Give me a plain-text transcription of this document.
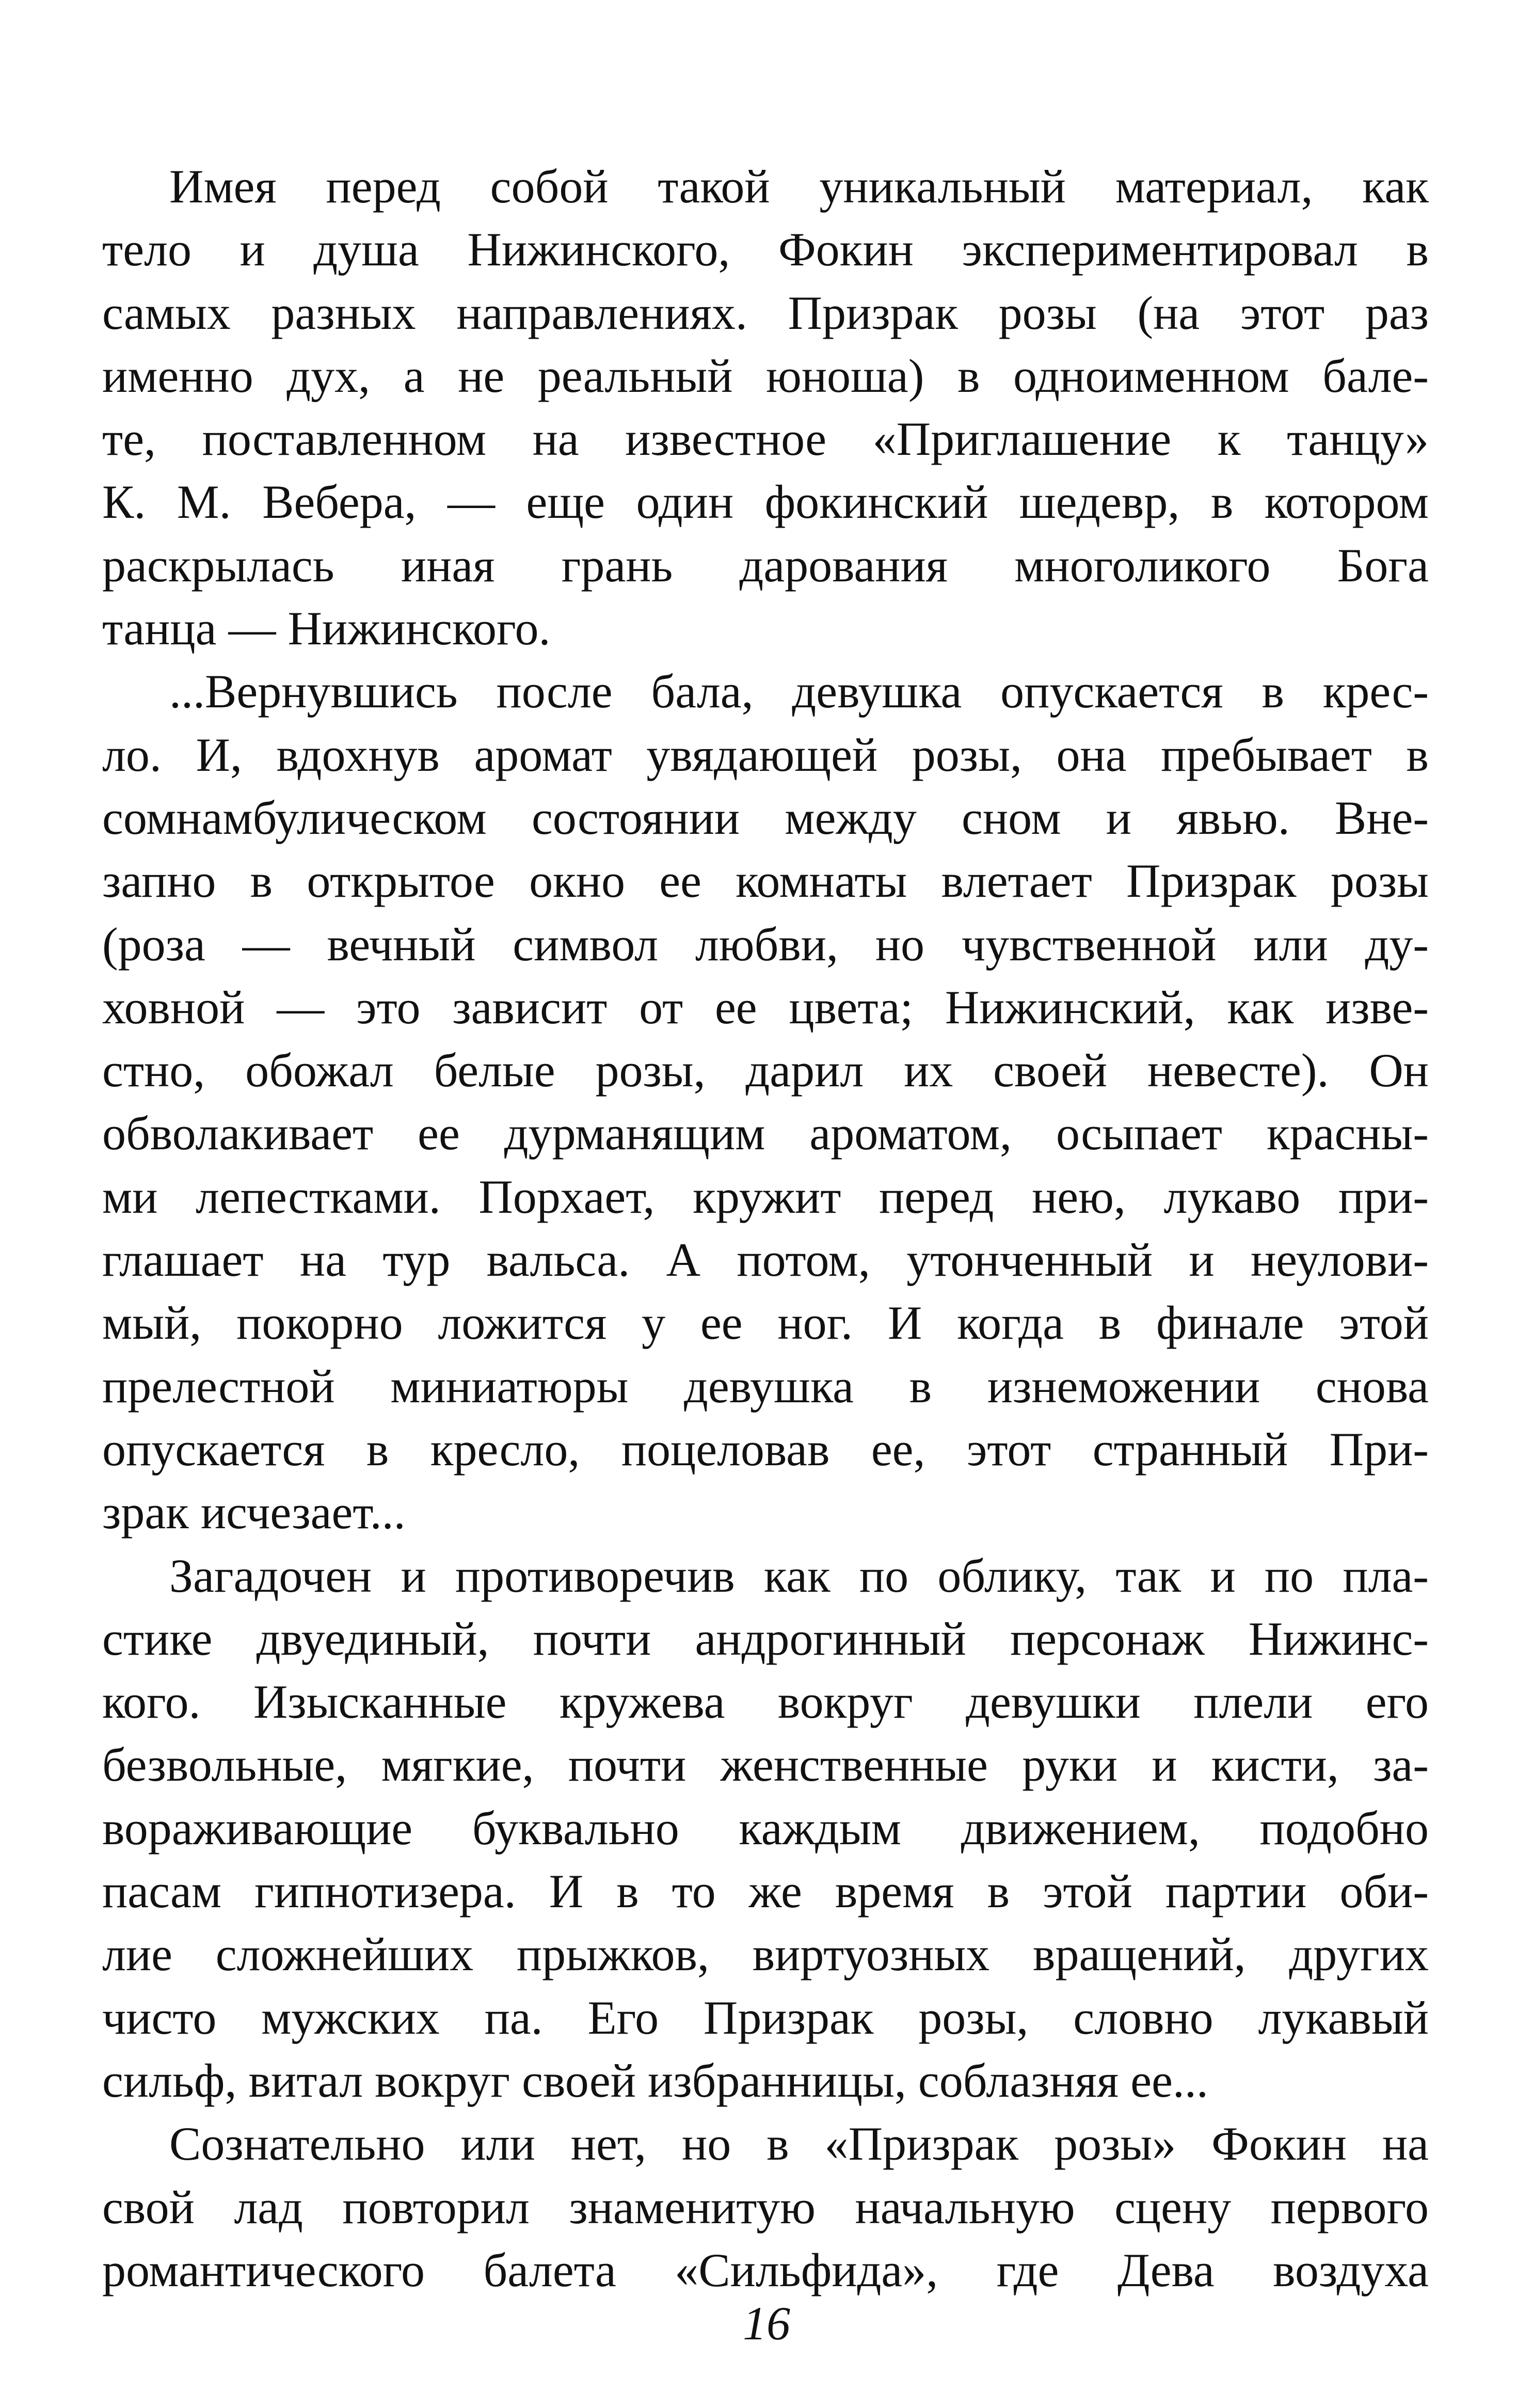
Имея перед собой такой уникальный материал, как
тело и душа Нижинского, Фокин экспериментировал в
самых разных направлениях. Призрак розы (на этот раз
именно дух, а не реальный юноша) в одноименном бале-
те, поставленном на известное «Приглашение к танцу»
К. М. Вебера, — еще один фокинский шедевр, в котором
раскрылась иная грань дарования многоликого Бога
танца — Нижинского.

...Вернувшись после бала, девушка опускается в крес-
ло. И, вдохнув аромат увядающей розы, она пребывает в
сомнамбулическом состоянии между сном и явью. Вне-
запно в открытое окно ее комнаты влетает Призрак розы
(роза — вечный символ любви, но чувственной или ду-
ховной — это зависит от ее цвета; Нижинский, как изве-
стно, обожал белые розы, дарил их своей невесте). Он
обволакивает ее дурманящим ароматом, осыпает красны-
ми лепестками. Порхает, кружит перед нею, лукаво при-
глашает на тур вальса. А потом, утонченный и неулови-
мый, покорно ложится у ее ног. И когда в финале этой
прелестной миниатюры девушка в изнеможении снова
опускается в кресло, поцеловав ее, этот странный При-
зрак исчезает...

Загадочен и противоречив как по облику, так и по пла-
стике двуединый, почти андрогинный персонаж Нижинс-
кого. Изысканные кружева вокруг девушки плели его
безвольные, мягкие, почти женственные руки и кисти, за-
вораживающие буквально каждым движением, подобно
пасам гипнотизера. И в то же время в этой партии оби-
лие сложнейших прыжков, виртуозных вращений, других
чисто мужских па. Его Призрак розы, словно лукавый
сильф, витал вокруг своей избранницы, соблазняя ее...

Сознательно или нет, но в «Призрак розы» Фокин на
свой лад повторил знаменитую начальную сцену первого
романтического балета «Сильфида», где Дева воздуха

16
